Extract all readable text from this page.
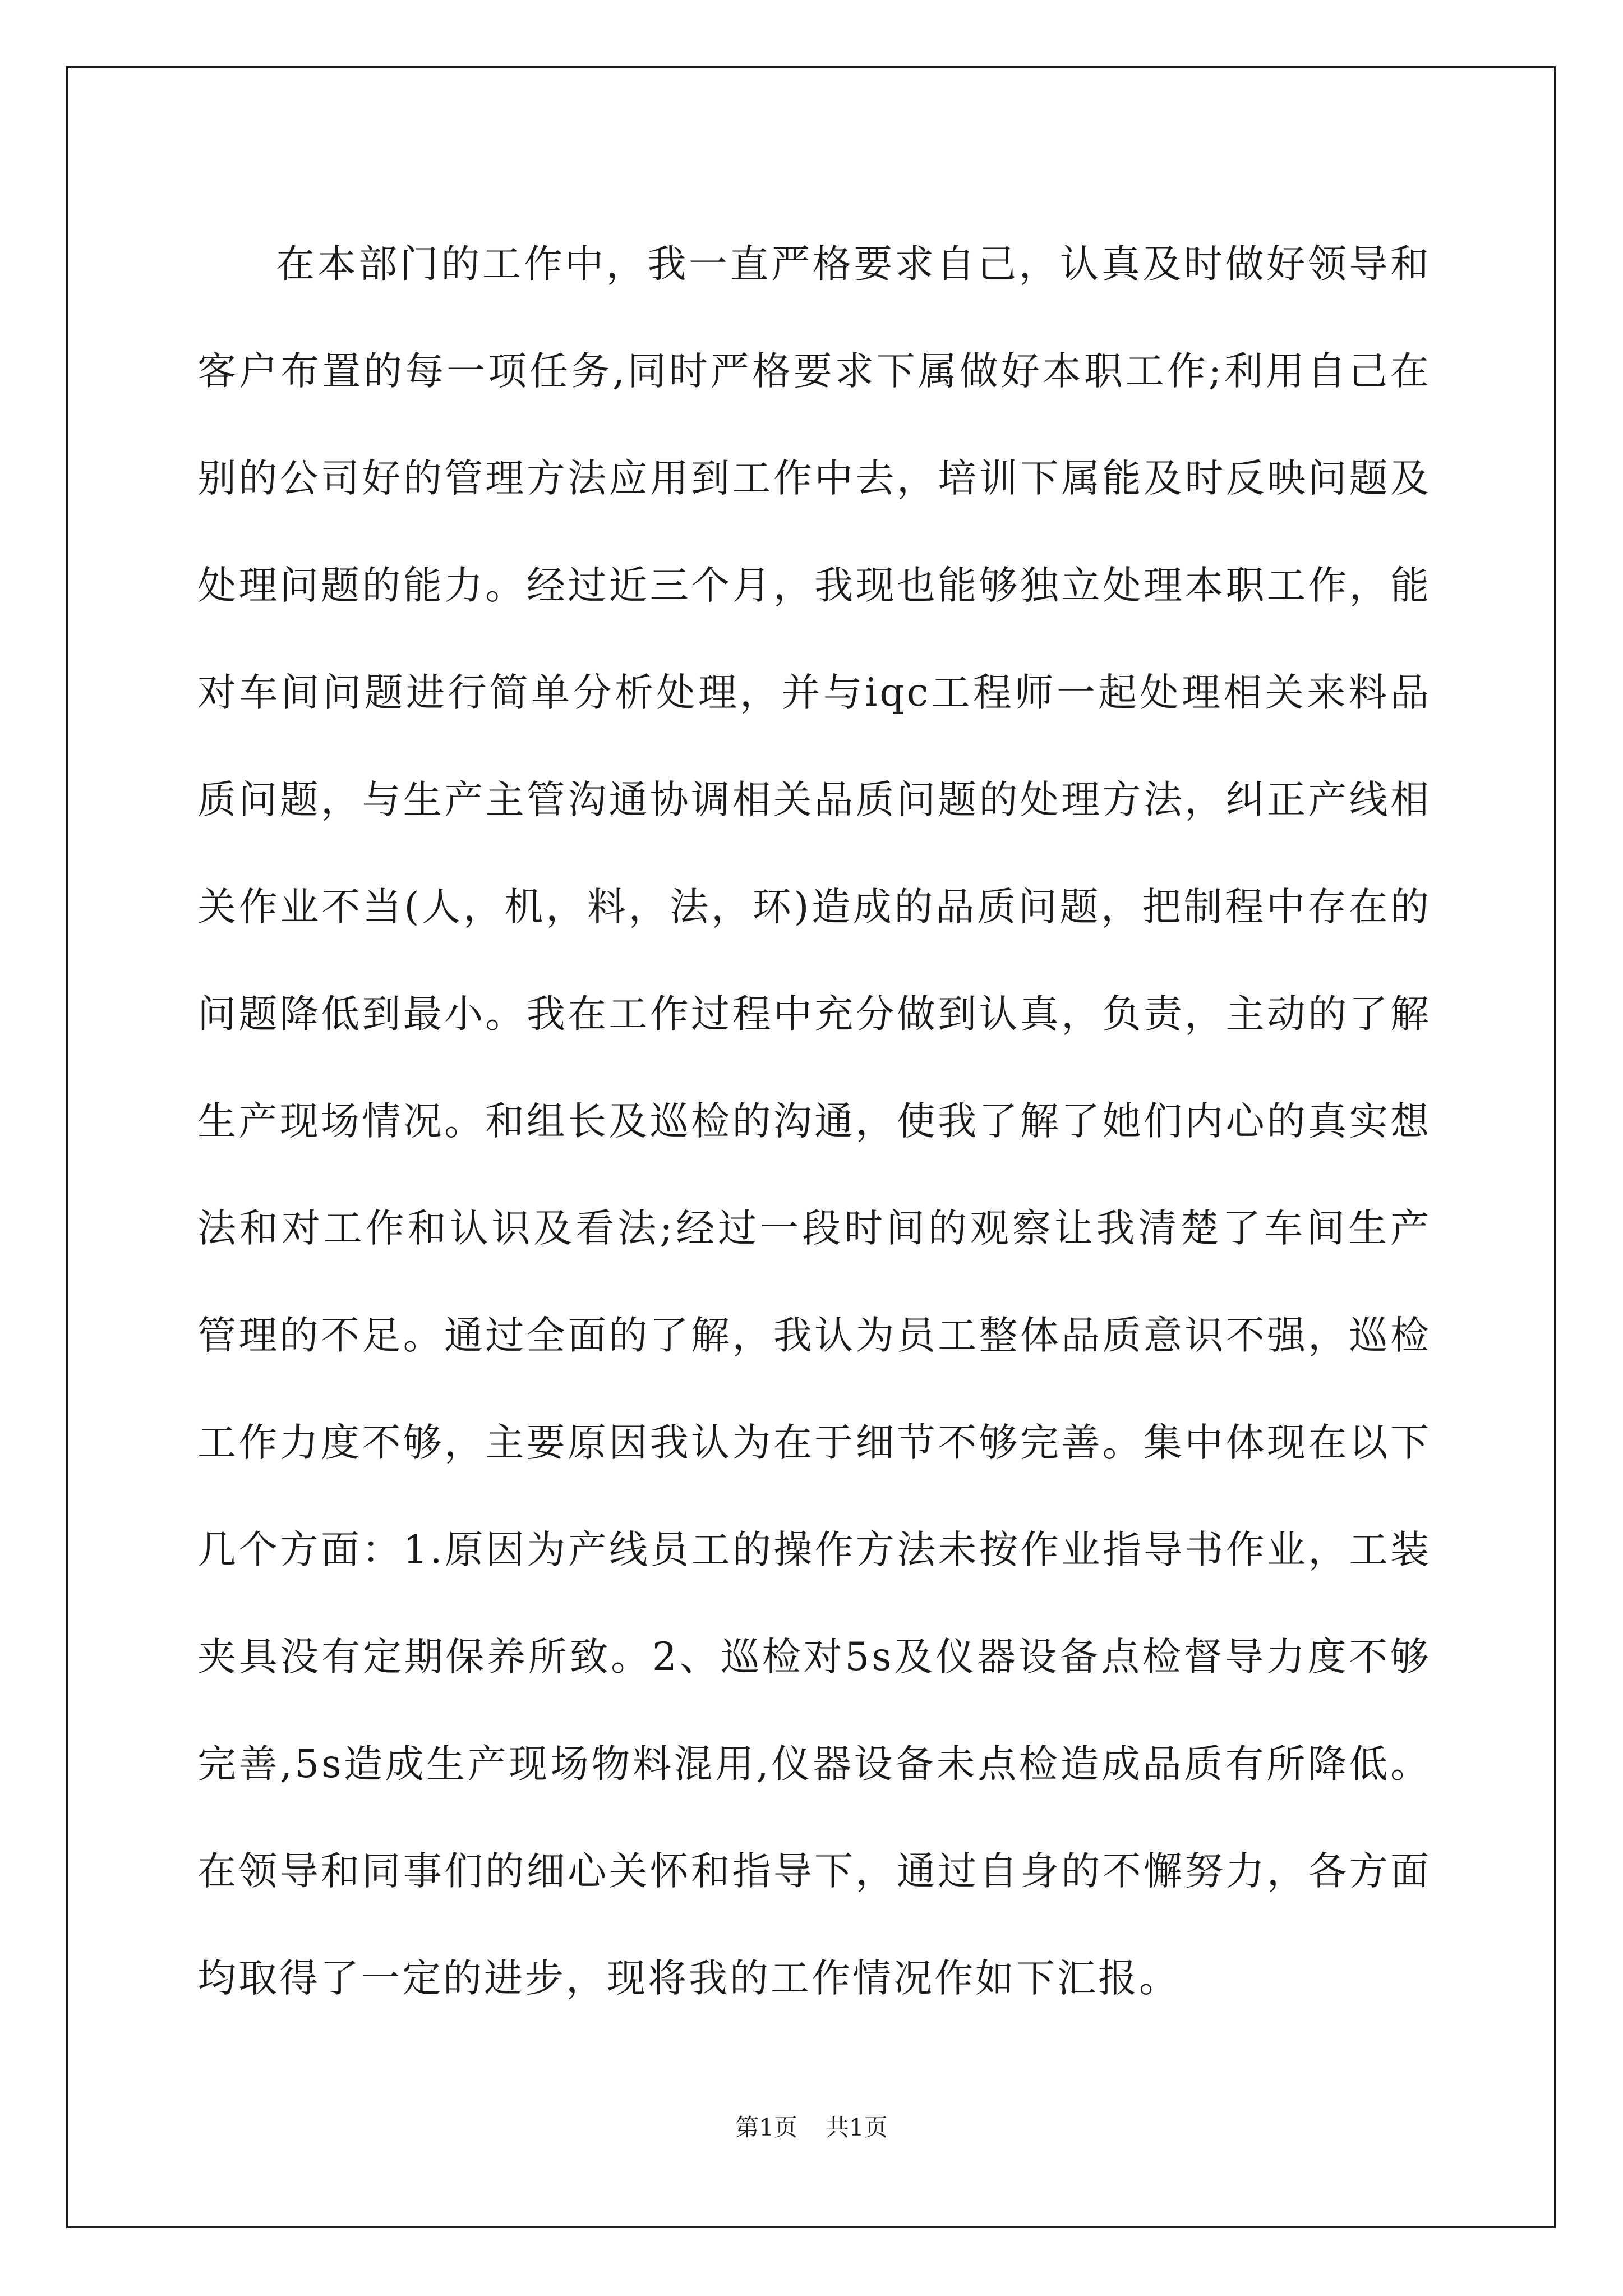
在本部门的工作中，我一直严格要求自己，认真及时做好领导和客户布置的每一项任务,同时严格要求下属做好本职工作;利用自己在别的公司好的管理方法应用到工作中去，培训下属能及时反映问题及处理问题的能力。经过近三个月，我现也能够独立处理本职工作，能对车间问题进行简单分析处理，并与iqc工程师一起处理相关来料品质问题，与生产主管沟通协调相关品质问题的处理方法，纠正产线相关作业不当(人，机，料，法，环)造成的品质问题，把制程中存在的问题降低到最小。我在工作过程中充分做到认真，负责，主动的了解生产现场情况。和组长及巡检的沟通，使我了解了她们内心的真实想法和对工作和认识及看法;经过一段时间的观察让我清楚了车间生产管理的不足。通过全面的了解，我认为员工整体品质意识不强，巡检工作力度不够，主要原因我认为在于细节不够完善。集中体现在以下几个方面：1.原因为产线员工的操作方法未按作业指导书作业，工装夹具没有定期保养所致。2、巡检对5s及仪器设备点检督导力度不够完善,5s造成生产现场物料混用,仪器设备未点检造成品质有所降低。在领导和同事们的细心关怀和指导下，通过自身的不懈努力，各方面均取得了一定的进步，现将我的工作情况作如下汇报。

第1页 共1页
